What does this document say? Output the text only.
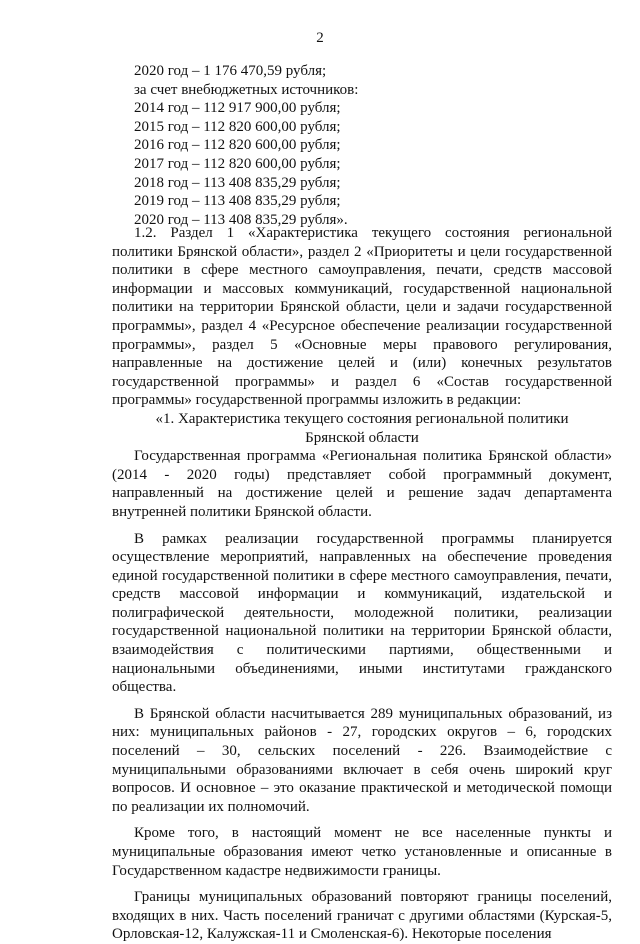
2
2020 год – 1 176 470,59 рубля;
за счет внебюджетных источников:
2014 год – 112 917 900,00 рубля;
2015 год – 112 820 600,00 рубля;
2016 год – 112 820 600,00 рубля;
2017 год – 112 820 600,00 рубля;
2018 год – 113 408 835,29 рубля;
2019 год – 113 408 835,29 рубля;
2020 год – 113 408 835,29 рубля».

1.2. Раздел 1 «Характеристика текущего состояния региональной политики Брянской области», раздел 2 «Приоритеты и цели государственной политики в сфере местного самоуправления, печати, средств массовой информации и массовых коммуникаций, государственной национальной политики на территории Брянской области, цели и задачи государственной программы», раздел 4 «Ресурсное обеспечение реализации государственной программы», раздел 5 «Основные меры правового регулирования, направленные на достижение целей и (или) конечных результатов государственной программы» и раздел 6 «Состав государственной программы» государственной программы изложить в редакции:

«1. Характеристика текущего состояния региональной политики

Брянской области

Государственная программа «Региональная политика Брянской области» (2014 - 2020 годы) представляет собой программный документ, направленный на достижение целей и решение задач департамента внутренней политики Брянской области.

В рамках реализации государственной программы планируется осуществление мероприятий, направленных на обеспечение проведения единой государственной политики в сфере местного самоуправления, печати, средств массовой информации и коммуникаций, издательской и полиграфической деятельности, молодежной политики, реализации государственной национальной политики на территории Брянской области, взаимодействия с политическими партиями, общественными и национальными объединениями, иными институтами гражданского общества.

В Брянской области насчитывается 289 муниципальных образований, из них: муниципальных районов - 27, городских округов – 6, городских поселений – 30, сельских поселений - 226. Взаимодействие с муниципальными образованиями включает в себя очень широкий круг вопросов. И основное – это оказание практической и методической помощи по реализации их полномочий.

Кроме того, в настоящий момент не все населенные пункты и муниципальные образования имеют четко установленные и описанные в Государственном кадастре недвижимости границы.

Границы муниципальных образований повторяют границы поселений, входящих в них. Часть поселений граничат с другими областями (Курская-5, Орловская-12, Калужская-11 и Смоленская-6). Некоторые поселения
